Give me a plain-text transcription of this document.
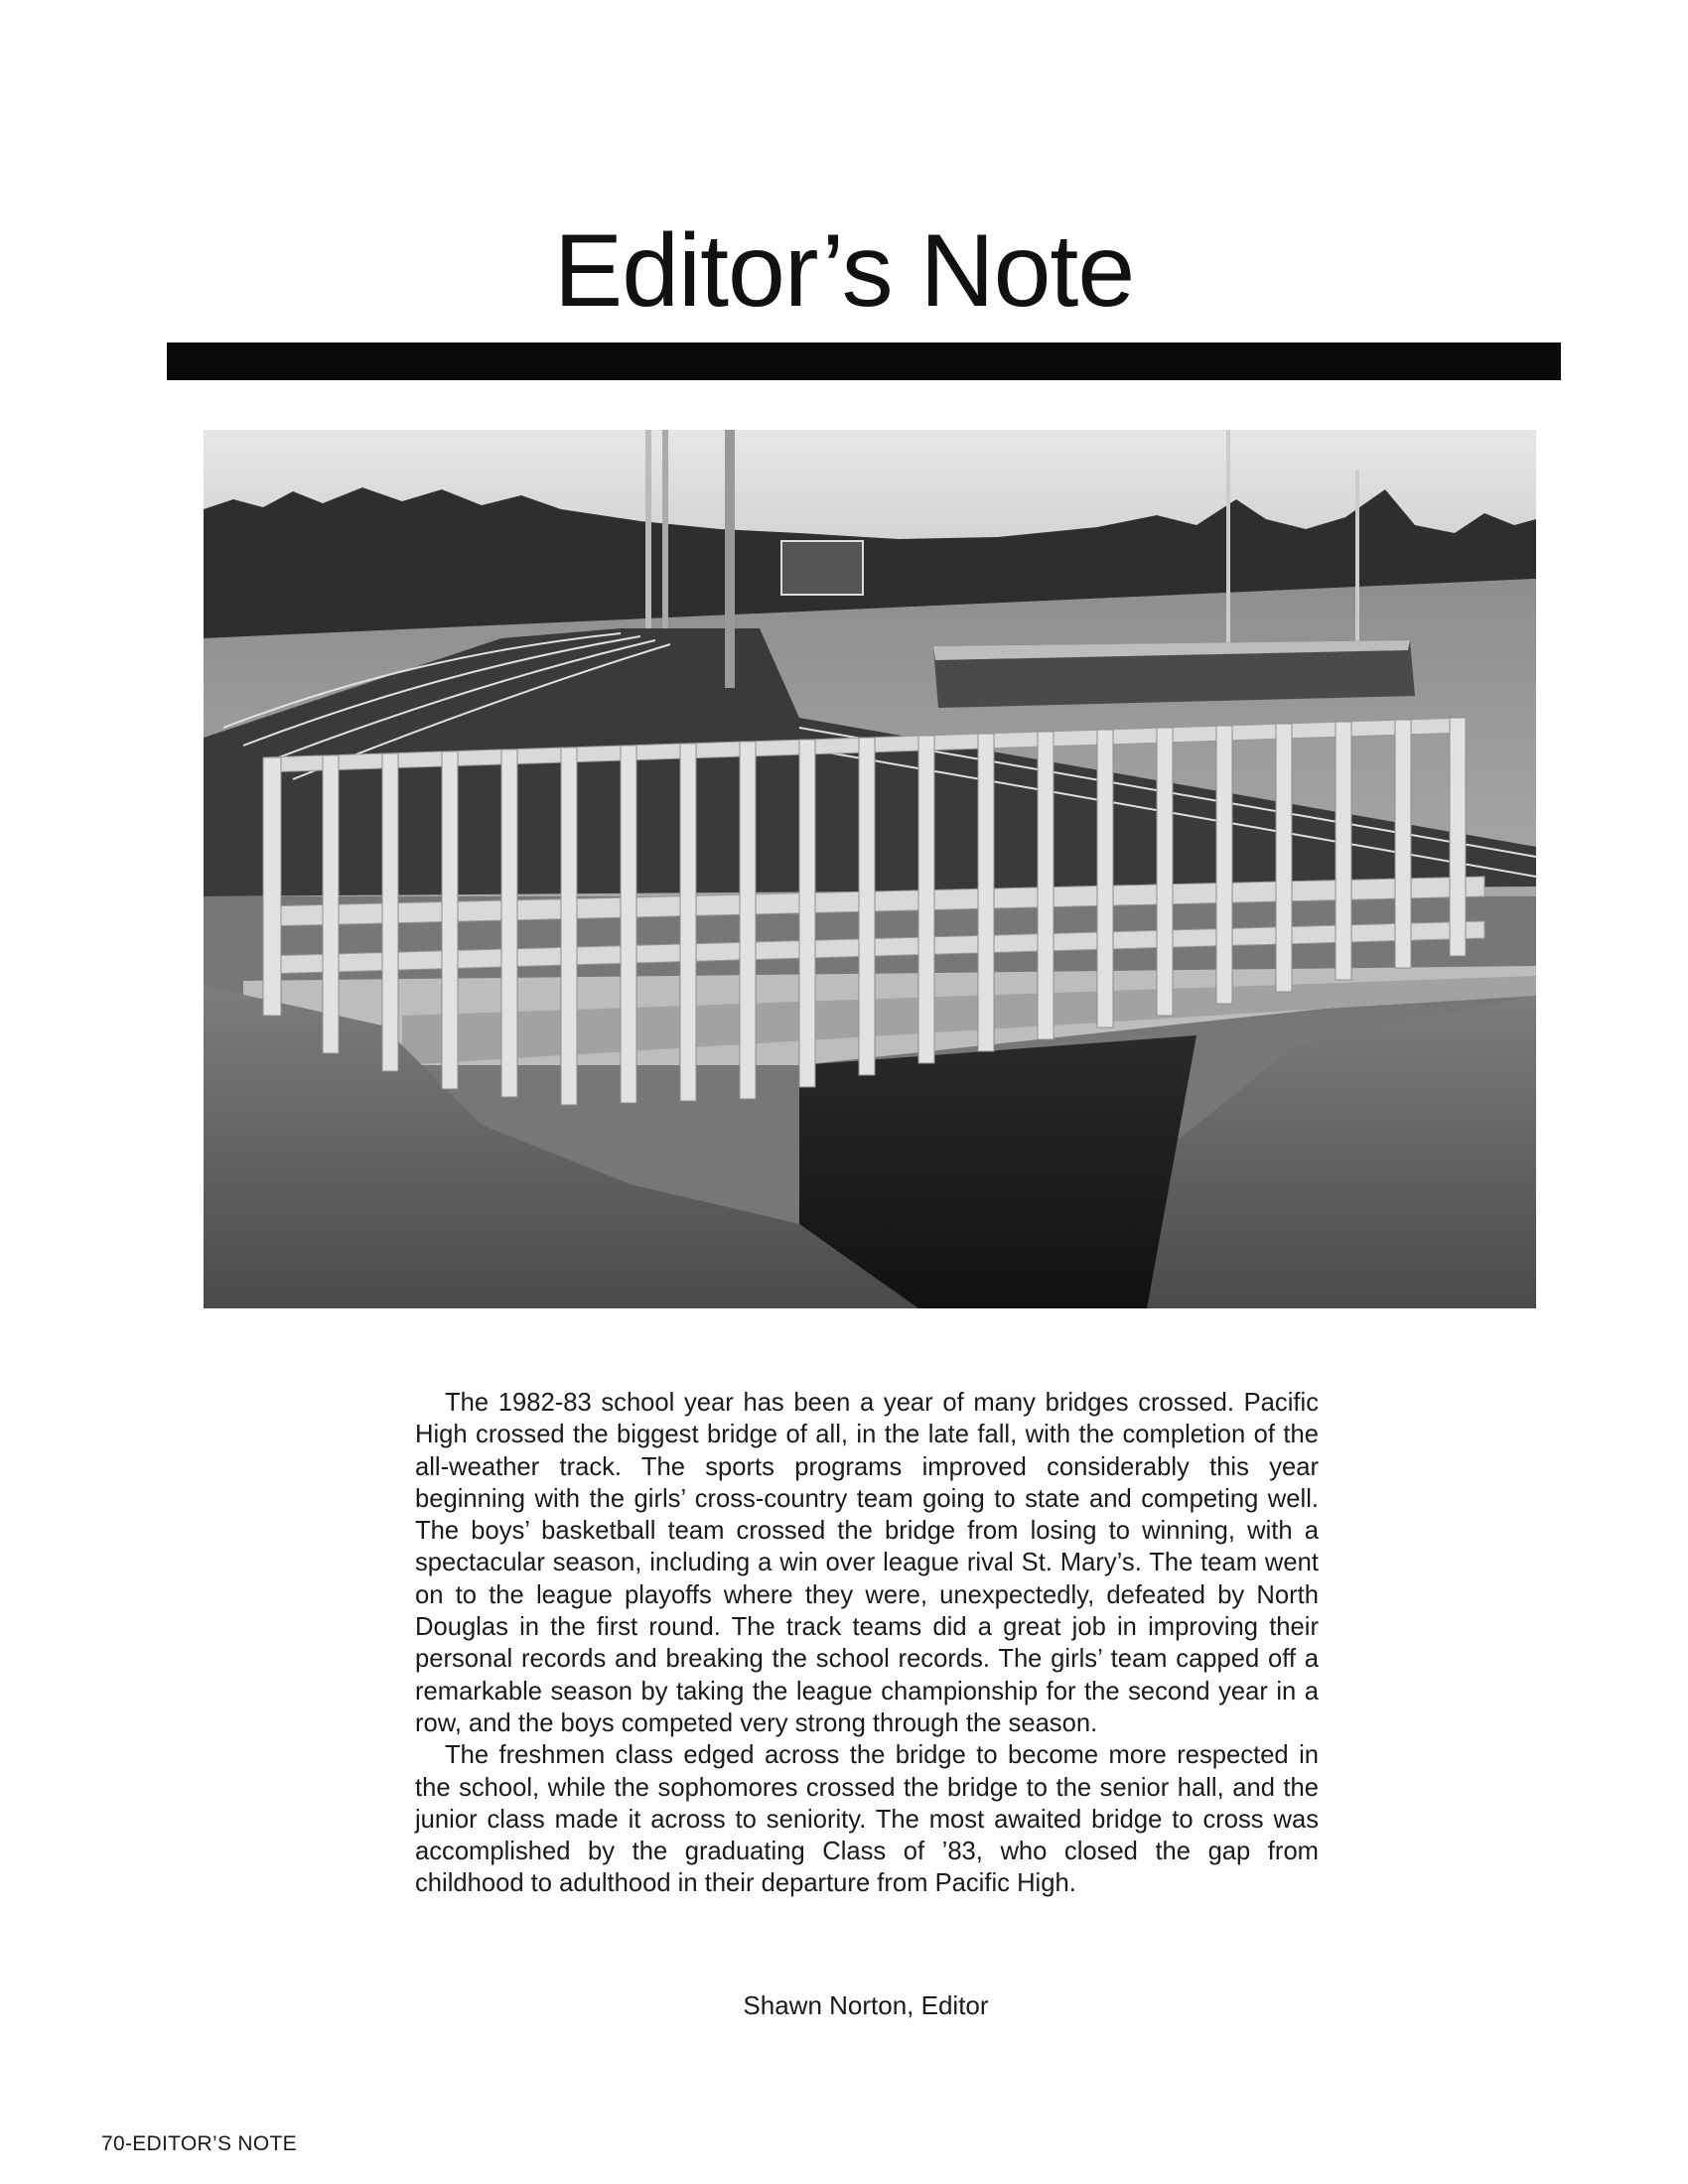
Editor’s Note

The 1982-83 school year has been a year of many bridges crossed. Pacific High crossed the biggest bridge of all, in the late fall, with the completion of the all-weather track. The sports programs improved considerably this year beginning with the girls’ cross-country team going to state and competing well. The boys’ basketball team crossed the bridge from losing to winning, with a spectacular season, including a win over league rival St. Mary’s. The team went on to the league playoffs where they were, unexpectedly, defeated by North Douglas in the first round. The track teams did a great job in improving their personal records and breaking the school records. The girls’ team capped off a remarkable season by taking the league championship for the second year in a row, and the boys competed very strong through the season.

The freshmen class edged across the bridge to become more respected in the school, while the sophomores crossed the bridge to the senior hall, and the junior class made it across to seniority. The most awaited bridge to cross was accomplished by the graduating Class of ’83, who closed the gap from childhood to adulthood in their departure from Pacific High.

Shawn Norton, Editor
70-EDITOR’S NOTE
